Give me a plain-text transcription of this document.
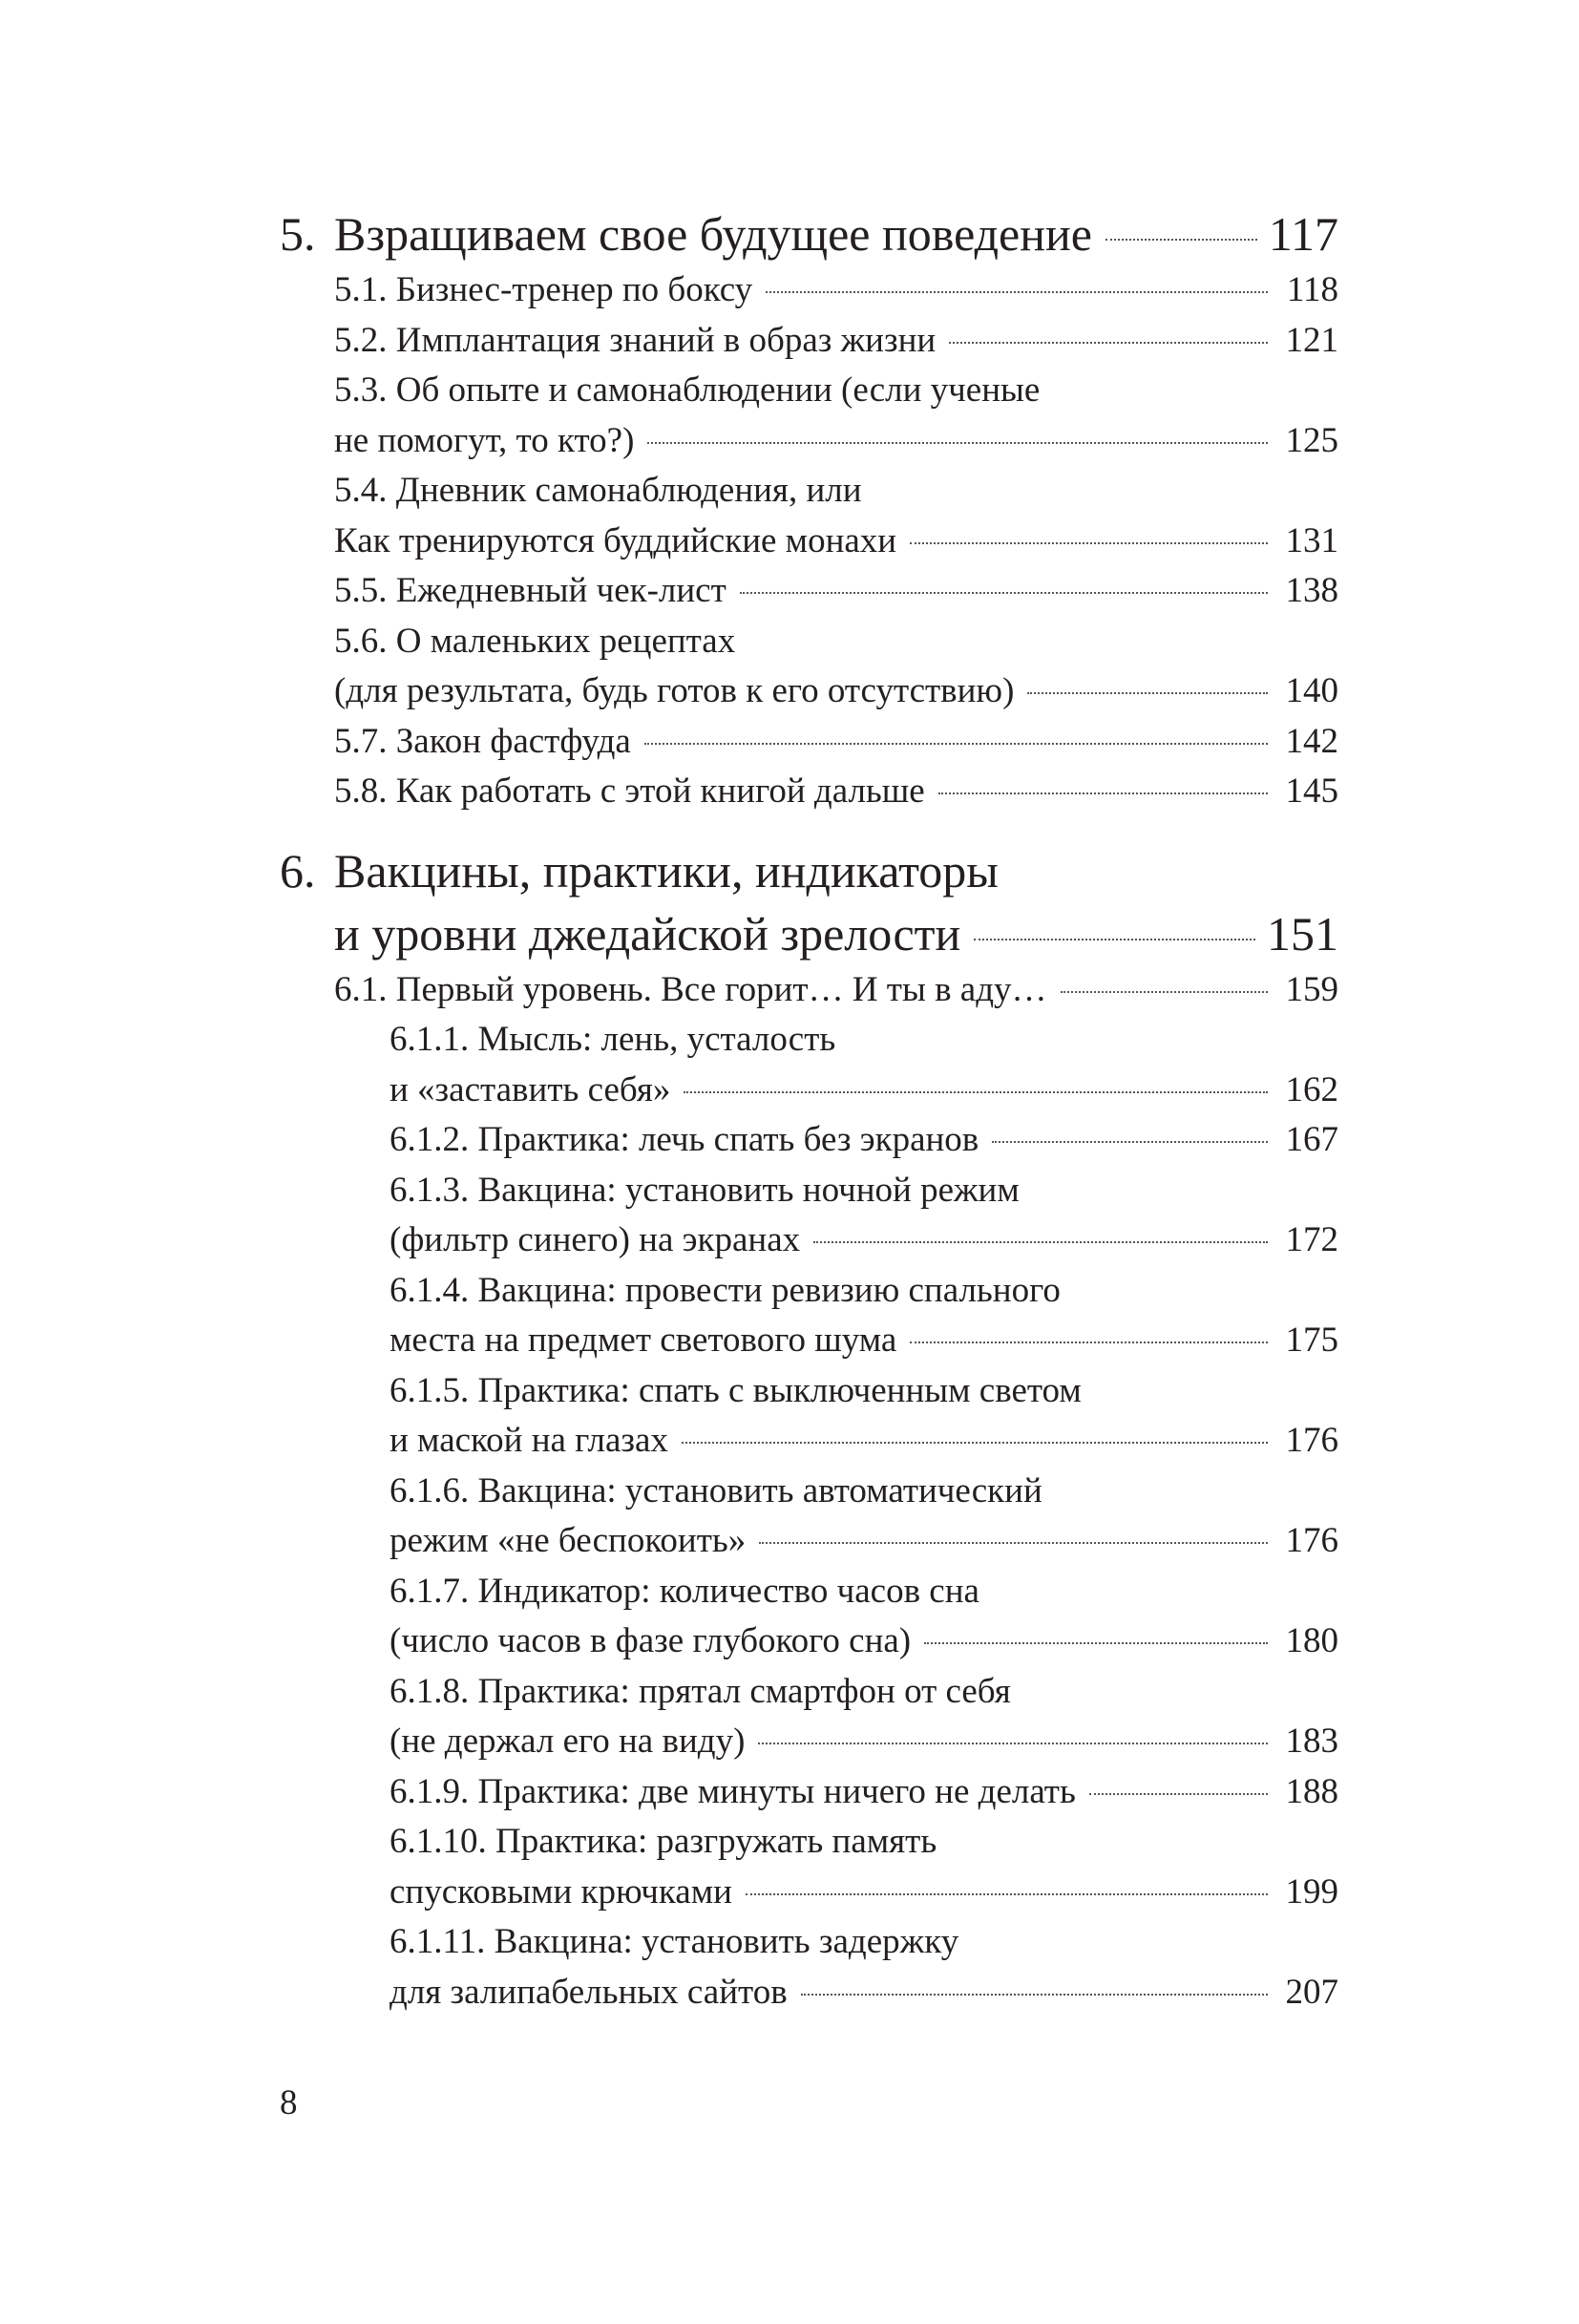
5. Взращиваем свое будущее поведение	117
5.1. Бизнес-тренер по боксу	118
5.2. Имплантация знаний в образ жизни	121
5.3. Об опыте и самонаблюдении (если ученые
не помогут, то кто?)	125
5.4. Дневник самонаблюдения, или
Как тренируются буддийские монахи	131
5.5. Ежедневный чек-лист	138
5.6. О маленьких рецептах
(для результата, будь готов к его отсутствию)	140
5.7. Закон фастфуда	142
5.8. Как работать с этой книгой дальше	145
6. Вакцины, практики, индикаторы
и уровни джедайской зрелости	151
6.1. Первый уровень. Все горит… И ты в аду…	159
6.1.1. Мысль: лень, усталость
и «заставить себя»	162
6.1.2. Практика: лечь спать без экранов	167
6.1.3. Вакцина: установить ночной режим
(фильтр синего) на экранах	172
6.1.4. Вакцина: провести ревизию спального
места на предмет светового шума	175
6.1.5. Практика: спать с выключенным светом
и маской на глазах	176
6.1.6. Вакцина: установить автоматический
режим «не беспокоить»	176
6.1.7. Индикатор: количество часов сна
(число часов в фазе глубокого сна)	180
6.1.8. Практика: прятал смартфон от себя
(не держал его на виду)	183
6.1.9. Практика: две минуты ничего не делать	188
6.1.10. Практика: разгружать память
спусковыми крючками	199
6.1.11. Вакцина: установить задержку
для залипабельных сайтов	207
8
